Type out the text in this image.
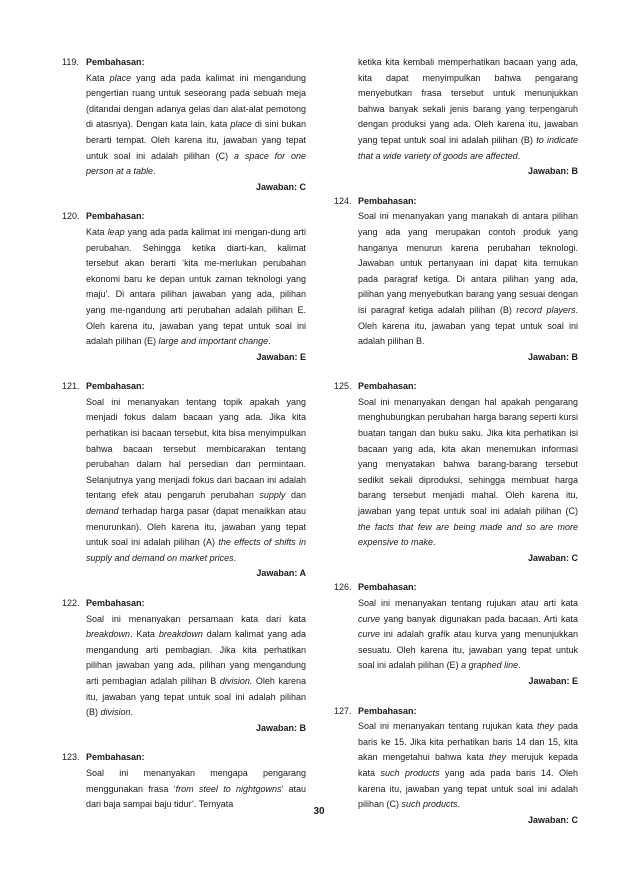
119. Pembahasan:
Kata place yang ada pada kalimat ini mengandung pengertian ruang untuk seseorang pada sebuah meja (ditandai dengan adanya gelas dan alat-alat pemotong di atasnya). Dengan kata lain, kata place di sini bukan berarti tempat. Oleh karena itu, jawaban yang tepat untuk soal ini adalah pilihan (C) a space for one person at a table.
Jawaban: C
120. Pembahasan:
Kata leap yang ada pada kalimat ini mengan-dung arti perubahan. Sehingga ketika diarti-kan, kalimat tersebut akan berarti ‘kita me-merlukan perubahan ekonomi baru ke depan untuk zaman teknologi yang maju’. Di antara pilihan jawaban yang ada, pilihan yang me-ngandung arti perubahan adalah pilihan E. Oleh karena itu, jawaban yang tepat untuk soal ini adalah pilihan (E) large and important change.
Jawaban: E
121. Pembahasan:
Soal ini menanyakan tentang topik apakah yang menjadi fokus dalam bacaan yang ada. Jika kita perhatikan isi bacaan tersebut, kita bisa menyimpulkan bahwa bacaan tersebut membicarakan tentang perubahan dalam hal persedian dan permintaan. Selanjutnya yang menjadi fokus dari bacaan ini adalah tentang efek atau pengaruh perubahan supply dan demand terhadap harga pasar (dapat menaikkan atau menurunkan). Oleh karena itu, jawaban yang tepat untuk soal ini adalah pilihan (A) the effects of shifts in supply and demand on market prices.
Jawaban: A
122. Pembahasan:
Soal ini menanyakan persamaan kata dari kata breakdown. Kata breakdown dalam kalimat yang ada mengandung arti pembagian. Jika kita perhatikan pilihan jawaban yang ada, pilihan yang mengandung arti pembagian adalah pilihan B division. Oleh karena itu, jawaban yang tepat untuk soal ini adalah pilihan (B) division.
Jawaban: B
123. Pembahasan:
Soal ini menanyakan mengapa pengarang menggunakan frasa ‘from steel to nightgowns’ atau dari baja sampai baju tidur’. Ternyata
ketika kita kembali memperhatikan bacaan yang ada, kita dapat menyimpulkan bahwa pengarang menyebutkan frasa tersebut untuk menunjukkan bahwa banyak sekali jenis barang yang terpengaruh dengan produksi yang ada. Oleh karena itu, jawaban yang tepat untuk soal ini adalah pilihan (B) to indicate that a wide variety of goods are affected.
Jawaban: B
124. Pembahasan:
Soal ini menanyakan yang manakah di antara pilihan yang ada yang merupakan contoh produk yang hanganya menurun karena perubahan teknologi. Jawaban untuk pertanyaan ini dapat kita temukan pada paragraf ketiga. Di antara pilihan yang ada, pilihan yang menyebutkan barang yang sesuai dengan isi paragraf ketiga adalah pilihan (B) record players. Oleh karena itu, jawaban yang tepat untuk soal ini adalah pilihan B.
Jawaban: B
125. Pembahasan:
Soal ini menanyakan dengan hal apakah pengarang menghubungkan perubahan harga barang seperti kursi buatan tangan dan buku saku. Jika kita perhatikan isi bacaan yang ada, kita akan menemukan informasi yang menyatakan bahwa barang-barang tersebut sedikit sekali diproduksi, sehingga membuat harga barang tersebut menjadi mahal. Oleh karena itu, jawaban yang tepat untuk soal ini adalah pilihan (C) the facts that few are being made and so are more expensive to make.
Jawaban: C
126. Pembahasan:
Soal ini menanyakan tentang rujukan atau arti kata curve yang banyak digunakan pada bacaan. Arti kata curve ini adalah grafik atau kurva yang menunjukkan sesuatu. Oleh karena itu, jawaban yang tepat untuk soal ini adalah pilihan (E) a graphed line.
Jawaban: E
127. Pembahasan:
Soal ini menanyakan tentang rujukan kata they pada baris ke 15. Jika kita perhatikan baris 14 dan 15, kita akan mengetahui bahwa kata they merujuk kepada kata such products yang ada pada baris 14. Oleh karena itu, jawaban yang tepat untuk soal ini adalah pilihan (C) such products.
Jawaban: C
30
